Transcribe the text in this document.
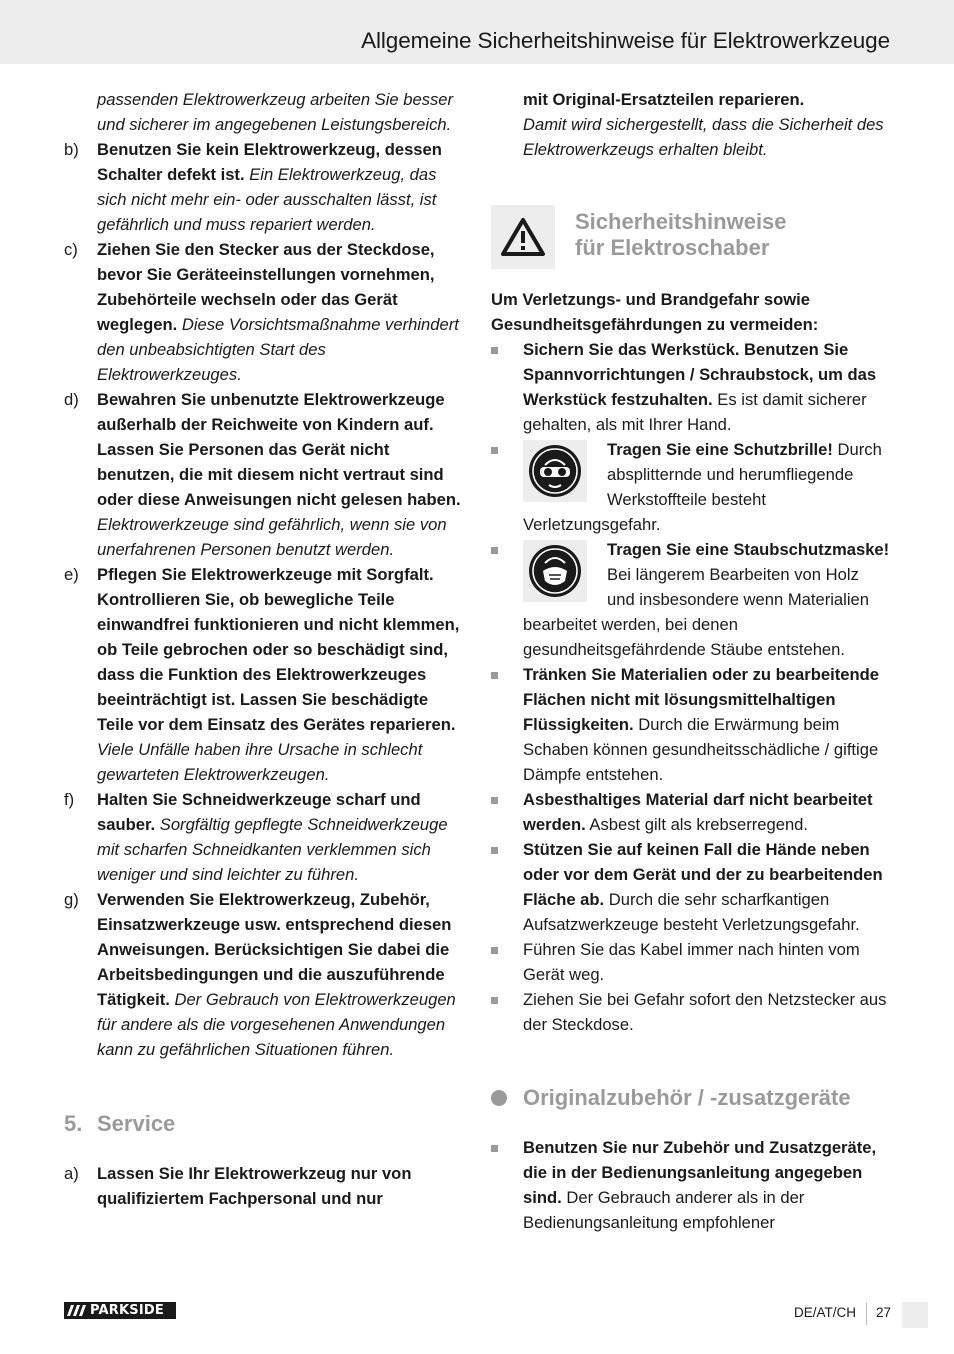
Allgemeine Sicherheitshinweise für Elektrowerkzeuge
passenden Elektrowerkzeug arbeiten Sie besser und sicherer im angegebenen Leistungsbereich.
b)	Benutzen Sie kein Elektrowerkzeug, dessen Schalter defekt ist. Ein Elektrowerkzeug, das sich nicht mehr ein- oder ausschalten lässt, ist gefährlich und muss repariert werden.
c)	Ziehen Sie den Stecker aus der Steckdose, bevor Sie Geräteeinstellungen vornehmen, Zubehörteile wechseln oder das Gerät weglegen. Diese Vorsichtsmaßnahme verhindert den unbeabsichtigten Start des Elektrowerkzeuges.
d)	Bewahren Sie unbenutzte Elektrowerkzeuge außerhalb der Reichweite von Kindern auf. Lassen Sie Personen das Gerät nicht benutzen, die mit diesem nicht vertraut sind oder diese Anweisungen nicht gelesen haben. Elektrowerkzeuge sind gefährlich, wenn sie von unerfahrenen Personen benutzt werden.
e)	Pflegen Sie Elektrowerkzeuge mit Sorgfalt. Kontrollieren Sie, ob bewegliche Teile einwandfrei funktionieren und nicht klemmen, ob Teile gebrochen oder so beschädigt sind, dass die Funktion des Elektrowerkzeuges beeinträchtigt ist. Lassen Sie beschädigte Teile vor dem Einsatz des Gerätes reparieren. Viele Unfälle haben ihre Ursache in schlecht gewarteten Elektrowerkzeugen.
f)	Halten Sie Schneidwerkzeuge scharf und sauber. Sorgfältig gepflegte Schneidwerkzeuge mit scharfen Schneidkanten verklemmen sich weniger und sind leichter zu führen.
g)	Verwenden Sie Elektrowerkzeug, Zubehör, Einsatzwerkzeuge usw. entsprechend diesen Anweisungen. Berücksichtigen Sie dabei die Arbeitsbedingungen und die auszuführende Tätigkeit. Der Gebrauch von Elektrowerkzeugen für andere als die vorgesehenen Anwendungen kann zu gefährlichen Situationen führen.
5. Service
a)	Lassen Sie Ihr Elektrowerkzeug nur von qualifiziertem Fachpersonal und nur
mit Original-Ersatzteilen reparieren.
Damit wird sichergestellt, dass die Sicherheit des Elektrowerkzeugs erhalten bleibt.
Sicherheitshinweise
für Elektroschaber
Um Verletzungs- und Brandgefahr sowie Gesundheitsgefährdungen zu vermeiden:
Sichern Sie das Werkstück. Benutzen Sie Spannvorrichtungen / Schraubstock, um das Werkstück festzuhalten. Es ist damit sicherer gehalten, als mit Ihrer Hand.
Tragen Sie eine Schutzbrille! Durch absplitternde und herumfliegende Werkstoffteile besteht Verletzungsgefahr.
Tragen Sie eine Staubschutzmaske! Bei längerem Bearbeiten von Holz und insbesondere wenn Materialien bearbeitet werden, bei denen gesundheitsgefährdende Stäube entstehen.
Tränken Sie Materialien oder zu bearbeitende Flächen nicht mit lösungsmittelhaltigen Flüssigkeiten. Durch die Erwärmung beim Schaben können gesundheitsschädliche / giftige Dämpfe entstehen.
Asbesthaltiges Material darf nicht bearbeitet werden. Asbest gilt als krebserregend.
Stützen Sie auf keinen Fall die Hände neben oder vor dem Gerät und der zu bearbeitenden Fläche ab. Durch die sehr scharfkantigen Aufsatzwerkzeuge besteht Verletzungsgefahr.
Führen Sie das Kabel immer nach hinten vom Gerät weg.
Ziehen Sie bei Gefahr sofort den Netzstecker aus der Steckdose.
Originalzubehör / -zusatzgeräte
Benutzen Sie nur Zubehör und Zusatzgeräte, die in der Bedienungsanleitung angegeben sind. Der Gebrauch anderer als in der Bedienungsanleitung empfohlener
PARKSIDE	DE/AT/CH 27
